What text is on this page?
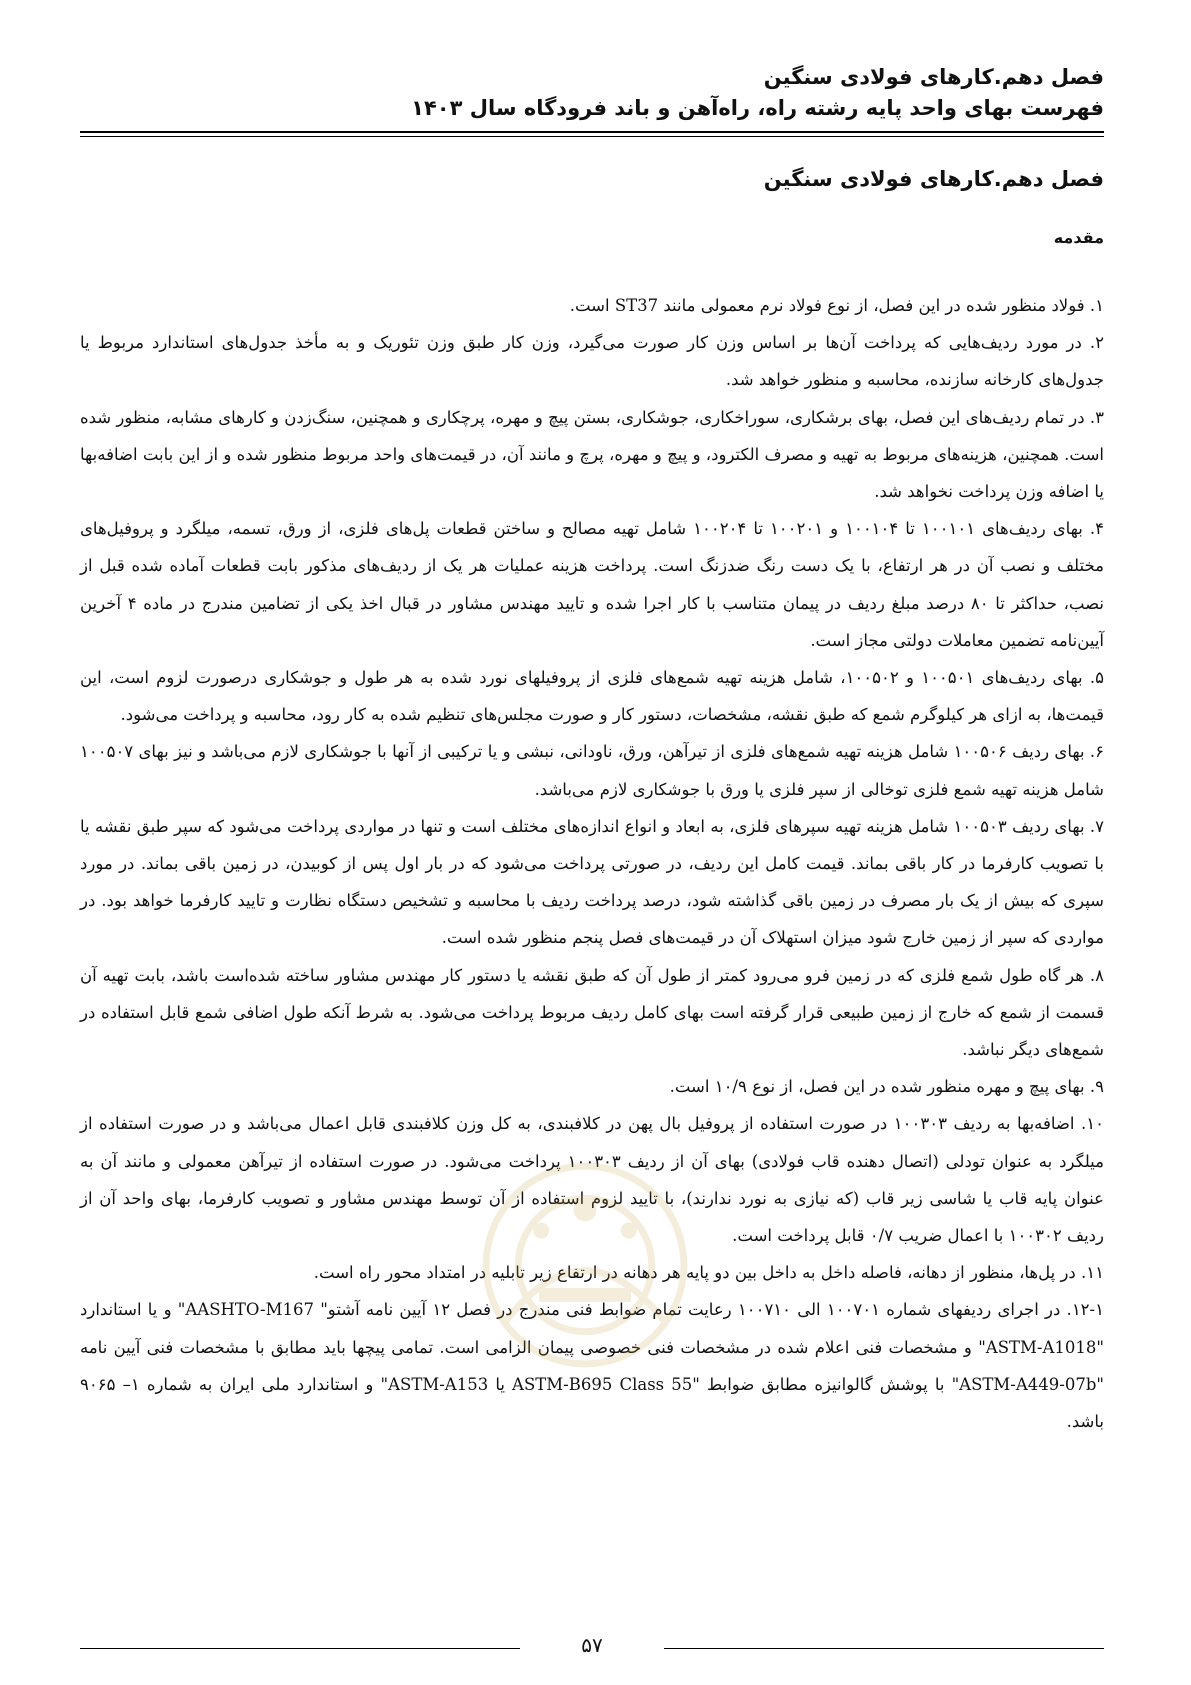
فصل دهم.کارهای فولادی سنگین

فهرست بهای واحد پایه رشته راه، راه‌آهن و باند فرودگاه سال ۱۴۰۳

فصل دهم.کارهای فولادی سنگین
مقدمه

۱. فولاد منظور شده در این فصل، از نوع فولاد نرم معمولی مانند ST37 است.

۲. در مورد ردیف‌هایی که پرداخت آن‌ها بر اساس وزن کار صورت می‌گیرد، وزن کار طبق وزن تئوریک و به مأخذ جدول‌های استاندارد مربوط یا جدول‌های کارخانه سازنده، محاسبه و منظور خواهد شد.

۳. در تمام ردیف‌های این فصل، بهای برشکاری، سوراخکاری، جوشکاری، بستن پیچ و مهره، پرچکاری و همچنین، سنگ‌زدن و کارهای مشابه، منظور شده است. همچنین، هزینه‌های مربوط به تهیه و مصرف الکترود، و پیچ و مهره، پرچ و مانند آن، در قیمت‌های واحد مربوط منظور شده و از این بابت اضافه‌بها یا اضافه وزن پرداخت نخواهد شد.

۴. بهای ردیف‌های ۱۰۰۱۰۱ تا ۱۰۰۱۰۴ و ۱۰۰۲۰۱ تا ۱۰۰۲۰۴ شامل تهیه مصالح و ساختن قطعات پل‌های فلزی، از ورق، تسمه، میلگرد و پروفیل‌های مختلف و نصب آن در هر ارتفاع، با یک دست رنگ ضدزنگ است. پرداخت هزینه عملیات هر یک از ردیف‌های مذکور بابت قطعات آماده شده قبل از نصب، حداکثر تا ۸۰ درصد مبلغ ردیف در پیمان متناسب با کار اجرا شده و تایید مهندس مشاور در قبال اخذ یکی از تضامین مندرج در ماده ۴ آخرین آیین‌نامه تضمین معاملات دولتی مجاز است.

۵. بهای ردیف‌های ۱۰۰۵۰۱ و ۱۰۰۵۰۲، شامل هزینه تهیه شمع‌های فلزی از پروفیلهای نورد شده به هر طول و جوشکاری درصورت لزوم است، این قیمت‌ها، به ازای هر کیلوگرم شمع که طبق نقشه، مشخصات، دستور کار و صورت مجلس‌های تنظیم شده به کار رود، محاسبه و پرداخت می‌شود.

۶. بهای ردیف ۱۰۰۵۰۶ شامل هزینه تهیه شمع‌های فلزی از تیرآهن، ورق، ناودانی، نبشی و یا ترکیبی از آنها با جوشکاری لازم می‌باشد و نیز بهای ۱۰۰۵۰۷ شامل هزینه تهیه شمع فلزی توخالی از سپر فلزی یا ورق با جوشکاری لازم می‌باشد.

۷. بهای ردیف ۱۰۰۵۰۳ شامل هزینه تهیه سپرهای فلزی، به ابعاد و انواع اندازه‌های مختلف است و تنها در مواردی پرداخت می‌شود که سپر طبق نقشه یا با تصویب کارفرما در کار باقی بماند. قیمت کامل این ردیف، در صورتی پرداخت می‌شود که در بار اول پس از کوبیدن، در زمین باقی بماند. در مورد سپری که بیش از یک بار مصرف در زمین باقی گذاشته شود، درصد پرداخت ردیف با محاسبه و تشخیص دستگاه نظارت و تایید کارفرما خواهد بود. در مواردی که سپر از زمین خارج شود میزان استهلاک آن در قیمت‌های فصل پنجم منظور شده است.

۸. هر گاه طول شمع فلزی که در زمین فرو می‌رود کمتر از طول آن که طبق نقشه یا دستور کار مهندس مشاور ساخته شده‌است باشد، بابت تهیه آن قسمت از شمع که خارج از زمین طبیعی قرار گرفته است بهای کامل ردیف مربوط پرداخت می‌شود. به شرط آنکه طول اضافی شمع قابل استفاده در شمع‌های دیگر نباشد.

۹. بهای پیچ و مهره منظور شده در این فصل، از نوع ۱۰/۹ است.

۱۰. اضافه‌بها به ردیف ۱۰۰۳۰۳ در صورت استفاده از پروفیل بال پهن در کلافبندی، به کل وزن کلافبندی قابل اعمال می‌باشد و در صورت استفاده از میلگرد به عنوان تودلی (اتصال دهنده قاب فولادی) بهای آن از ردیف ۱۰۰۳۰۳ پرداخت می‌شود. در صورت استفاده از تیرآهن معمولی و مانند آن به عنوان پایه قاب یا شاسی زیر قاب (که نیازی به نورد ندارند)، با تایید لزوم استفاده از آن توسط مهندس مشاور و تصویب کارفرما، بهای واحد آن از ردیف ۱۰۰۳۰۲ با اعمال ضریب ۰/۷ قابل پرداخت است.

۱۱. در پل‌ها، منظور از دهانه، فاصله داخل به داخل بین دو پایه هر دهانه در ارتفاع زیر تابلیه در امتداد محور راه است.

۱۲-۱. در اجرای ردیفهای شماره ۱۰۰۷۰۱ الی ۱۰۰۷۱۰ رعایت تمام ضوابط فنی مندرج در فصل ۱۲ آیین نامه آشتو" AASHTO-M167" و یا استاندارد "ASTM-A1018" و مشخصات فنی اعلام شده در مشخصات فنی خصوصی پیمان الزامی است. تمامی پیچها باید مطابق با مشخصات فنی آیین نامه "ASTM-A449-07b" با پوشش گالوانیزه مطابق ضوابط "ASTM-B695 Class 55 یا ASTM-A153" و استاندارد ملی ایران به شماره ۱– ۹۰۶۵ باشد.

۵۷
